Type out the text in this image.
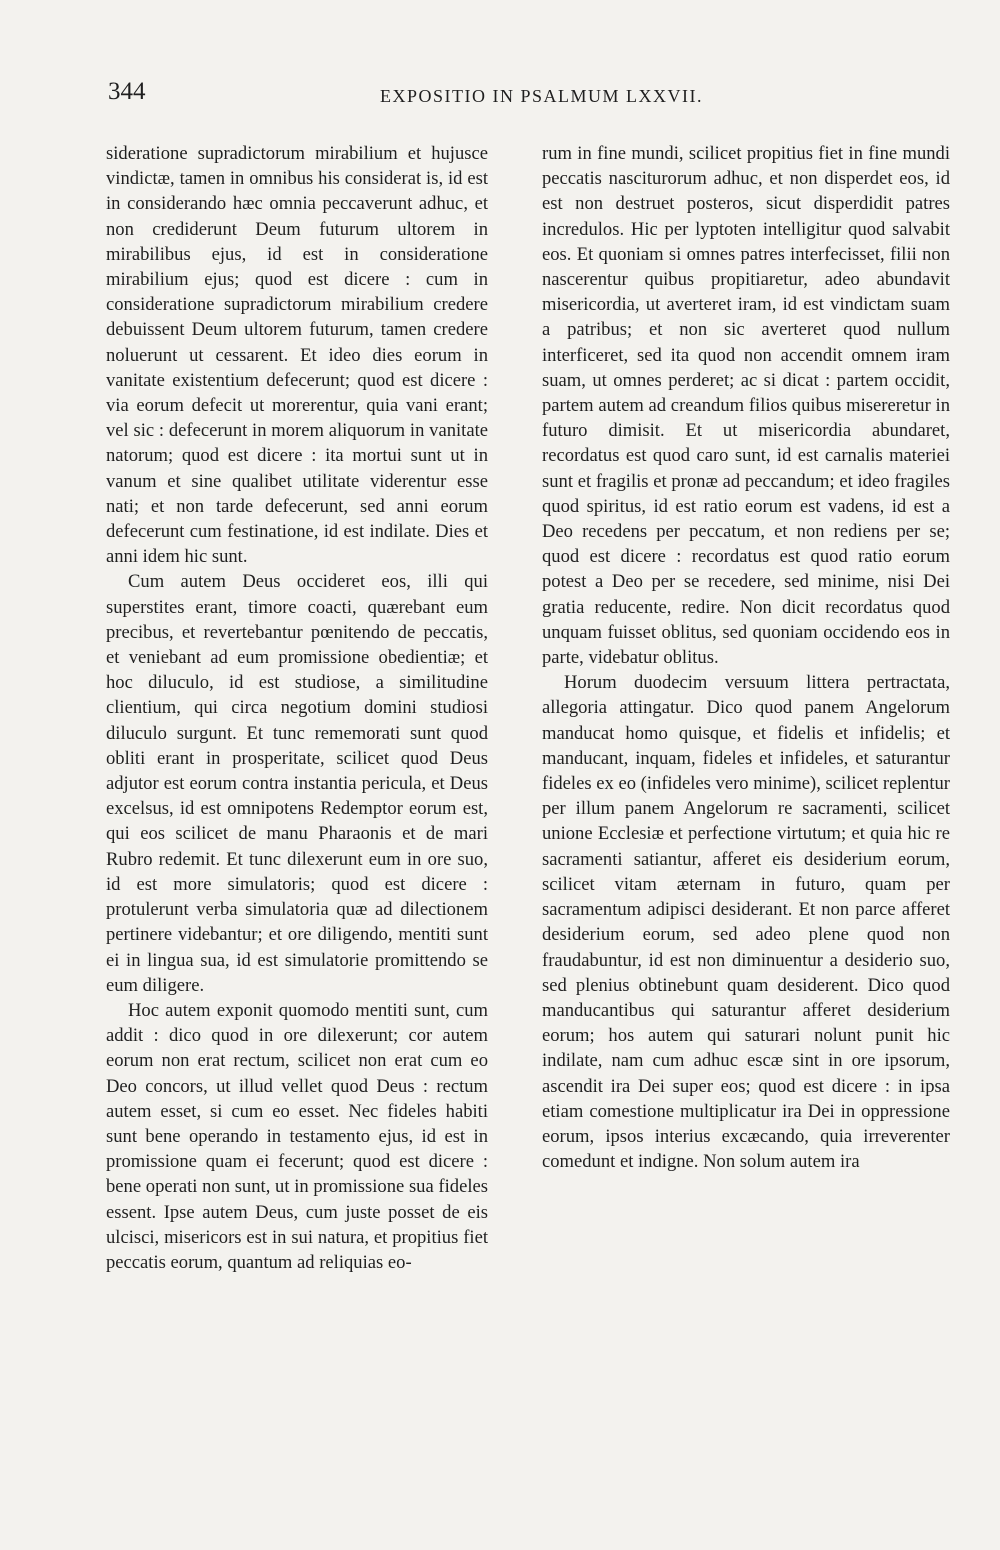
344	EXPOSITIO IN PSALMUM LXXVII.

sideratione supradictorum mirabilium et hujusce vindictæ, tamen in omnibus his considerat is, id est in considerando hæc omnia peccaverunt adhuc, et non crediderunt Deum futurum ultorem in mirabilibus ejus, id est in consideratione mirabilium ejus; quod est dicere : cum in consideratione supradictorum mirabilium credere debuissent Deum ultorem futurum, tamen credere noluerunt ut cessarent. Et ideo dies eorum in vanitate existentium defecerunt; quod est dicere : via eorum defecit ut morerentur, quia vani erant; vel sic : defecerunt in morem aliquorum in vanitate natorum; quod est dicere : ita mortui sunt ut in vanum et sine qualibet utilitate viderentur esse nati; et non tarde defecerunt, sed anni eorum defecerunt cum festinatione, id est indilate. Dies et anni idem hic sunt.

Cum autem Deus occideret eos, illi qui superstites erant, timore coacti, quærebant eum precibus, et revertebantur pœnitendo de peccatis, et veniebant ad eum promissione obedientiæ; et hoc diluculo, id est studiose, a similitudine clientium, qui circa negotium domini studiosi diluculo surgunt. Et tunc rememorati sunt quod obliti erant in prosperitate, scilicet quod Deus adjutor est eorum contra instantia pericula, et Deus excelsus, id est omnipotens Redemptor eorum est, qui eos scilicet de manu Pharaonis et de mari Rubro redemit. Et tunc dilexerunt eum in ore suo, id est more simulatoris; quod est dicere : protulerunt verba simulatoria quæ ad dilectionem pertinere videbantur; et ore diligendo, mentiti sunt ei in lingua sua, id est simulatorie promittendo se eum diligere.

Hoc autem exponit quomodo mentiti sunt, cum addit : dico quod in ore dilexerunt; cor autem eorum non erat rectum, scilicet non erat cum eo Deo concors, ut illud vellet quod Deus : rectum autem esset, si cum eo esset. Nec fideles habiti sunt bene operando in testamento ejus, id est in promissione quam ei fecerunt; quod est dicere : bene operati non sunt, ut in promissione sua fideles essent. Ipse autem Deus, cum juste posset de eis ulcisci, misericors est in sui natura, et propitius fiet peccatis eorum, quantum ad reliquias eo-

rum in fine mundi, scilicet propitius fiet in fine mundi peccatis nasciturorum adhuc, et non disperdet eos, id est non destruet posteros, sicut disperdidit patres incredulos. Hic per lyptoten intelligitur quod salvabit eos. Et quoniam si omnes patres interfecisset, filii non nascerentur quibus propitiaretur, adeo abundavit misericordia, ut averteret iram, id est vindictam suam a patribus; et non sic averteret quod nullum interficeret, sed ita quod non accendit omnem iram suam, ut omnes perderet; ac si dicat : partem occidit, partem autem ad creandum filios quibus misereretur in futuro dimisit. Et ut misericordia abundaret, recordatus est quod caro sunt, id est carnalis materiei sunt et fragilis et pronæ ad peccandum; et ideo fragiles quod spiritus, id est ratio eorum est vadens, id est a Deo recedens per peccatum, et non rediens per se; quod est dicere : recordatus est quod ratio eorum potest a Deo per se recedere, sed minime, nisi Dei gratia reducente, redire. Non dicit recordatus quod unquam fuisset oblitus, sed quoniam occidendo eos in parte, videbatur oblitus.

Horum duodecim versuum littera pertractata, allegoria attingatur. Dico quod panem Angelorum manducat homo quisque, et fidelis et infidelis; et manducant, inquam, fideles et infideles, et saturantur fideles ex eo (infideles vero minime), scilicet replentur per illum panem Angelorum re sacramenti, scilicet unione Ecclesiæ et perfectione virtutum; et quia hic re sacramenti satiantur, afferet eis desiderium eorum, scilicet vitam æternam in futuro, quam per sacramentum adipisci desiderant. Et non parce afferet desiderium eorum, sed adeo plene quod non fraudabuntur, id est non diminuentur a desiderio suo, sed plenius obtinebunt quam desiderent. Dico quod manducantibus qui saturantur afferet desiderium eorum; hos autem qui saturari nolunt punit hic indilate, nam cum adhuc escæ sint in ore ipsorum, ascendit ira Dei super eos; quod est dicere : in ipsa etiam comestione multiplicatur ira Dei in oppressione eorum, ipsos interius excæcando, quia irreverenter comedunt et indigne. Non solum autem ira
